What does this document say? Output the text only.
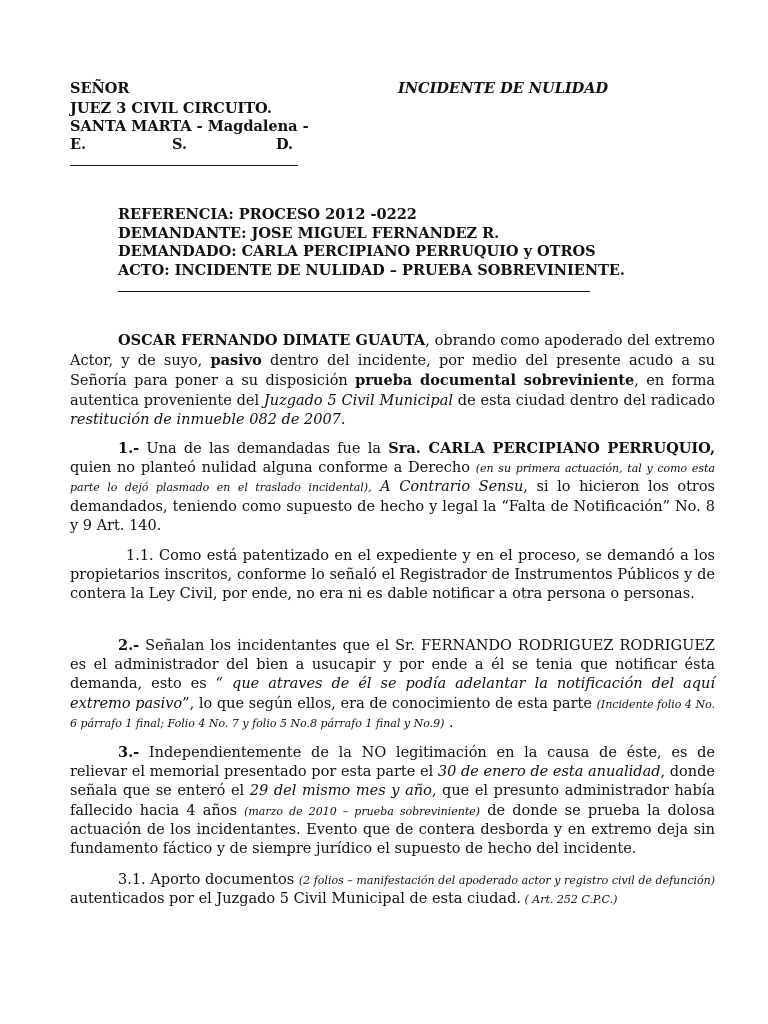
SEÑOR	INCIDENTE DE NULIDAD
JUEZ 3 CIVIL CIRCUITO.
SANTA MARTA - Magdalena -
E.	S.	D.
REFERENCIA: PROCESO 2012 -0222
DEMANDANTE: JOSE MIGUEL FERNANDEZ R.
DEMANDADO: CARLA PERCIPIANO PERRUQUIO y OTROS
ACTO: INCIDENTE DE NULIDAD – PRUEBA SOBREVINIENTE.
OSCAR FERNANDO DIMATE GUAUTA, obrando como apoderado del extremo Actor, y de suyo, pasivo dentro del incidente, por medio del presente acudo a su Señoría para poner a su disposición prueba documental sobreviniente, en forma autentica proveniente del Juzgado 5 Civil Municipal de esta ciudad dentro del radicado restitución de inmueble 082 de 2007.
1.- Una de las demandadas fue la Sra. CARLA PERCIPIANO PERRUQUIO, quien no planteó nulidad alguna conforme a Derecho (en su primera actuación, tal y como esta parte lo dejó plasmado en el traslado incidental), A Contrario Sensu, si lo hicieron los otros demandados, teniendo como supuesto de hecho y legal la “Falta de Notificación” No. 8 y 9 Art. 140.
1.1. Como está patentizado en el expediente y en el proceso, se demandó a los propietarios inscritos, conforme lo señaló el Registrador de Instrumentos Públicos y de contera la Ley Civil, por ende, no era ni es dable notificar a otra persona o personas.
2.- Señalan los incidentantes que el Sr. FERNANDO RODRIGUEZ RODRIGUEZ es el administrador del bien a usucapir y por ende a él se tenia que notificar ésta demanda, esto es “ que atraves de él se podía adelantar la notificación del aquí extremo pasivo”, lo que según ellos, era de conocimiento de esta parte (Incidente folio 4 No. 6 párrafo 1 final; Folio 4 No. 7 y folio 5 No.8 párrafo 1 final y No.9) .
3.- Independientemente de la NO legitimación en la causa de éste, es de relievar el memorial presentado por esta parte el 30 de enero de esta anualidad, donde señala que se enteró el 29 del mismo mes y año, que el presunto administrador había fallecido hacia 4 años (marzo de 2010 – prueba sobreviniente) de donde se prueba la dolosa actuación de los incidentantes. Evento que de contera desborda y en extremo deja sin fundamento fáctico y de siempre jurídico el supuesto de hecho del incidente.
3.1. Aporto documentos (2 folios – manifestación del apoderado actor y registro civil de defunción) autenticados por el Juzgado 5 Civil Municipal de esta ciudad. ( Art. 252 C.P.C.)
